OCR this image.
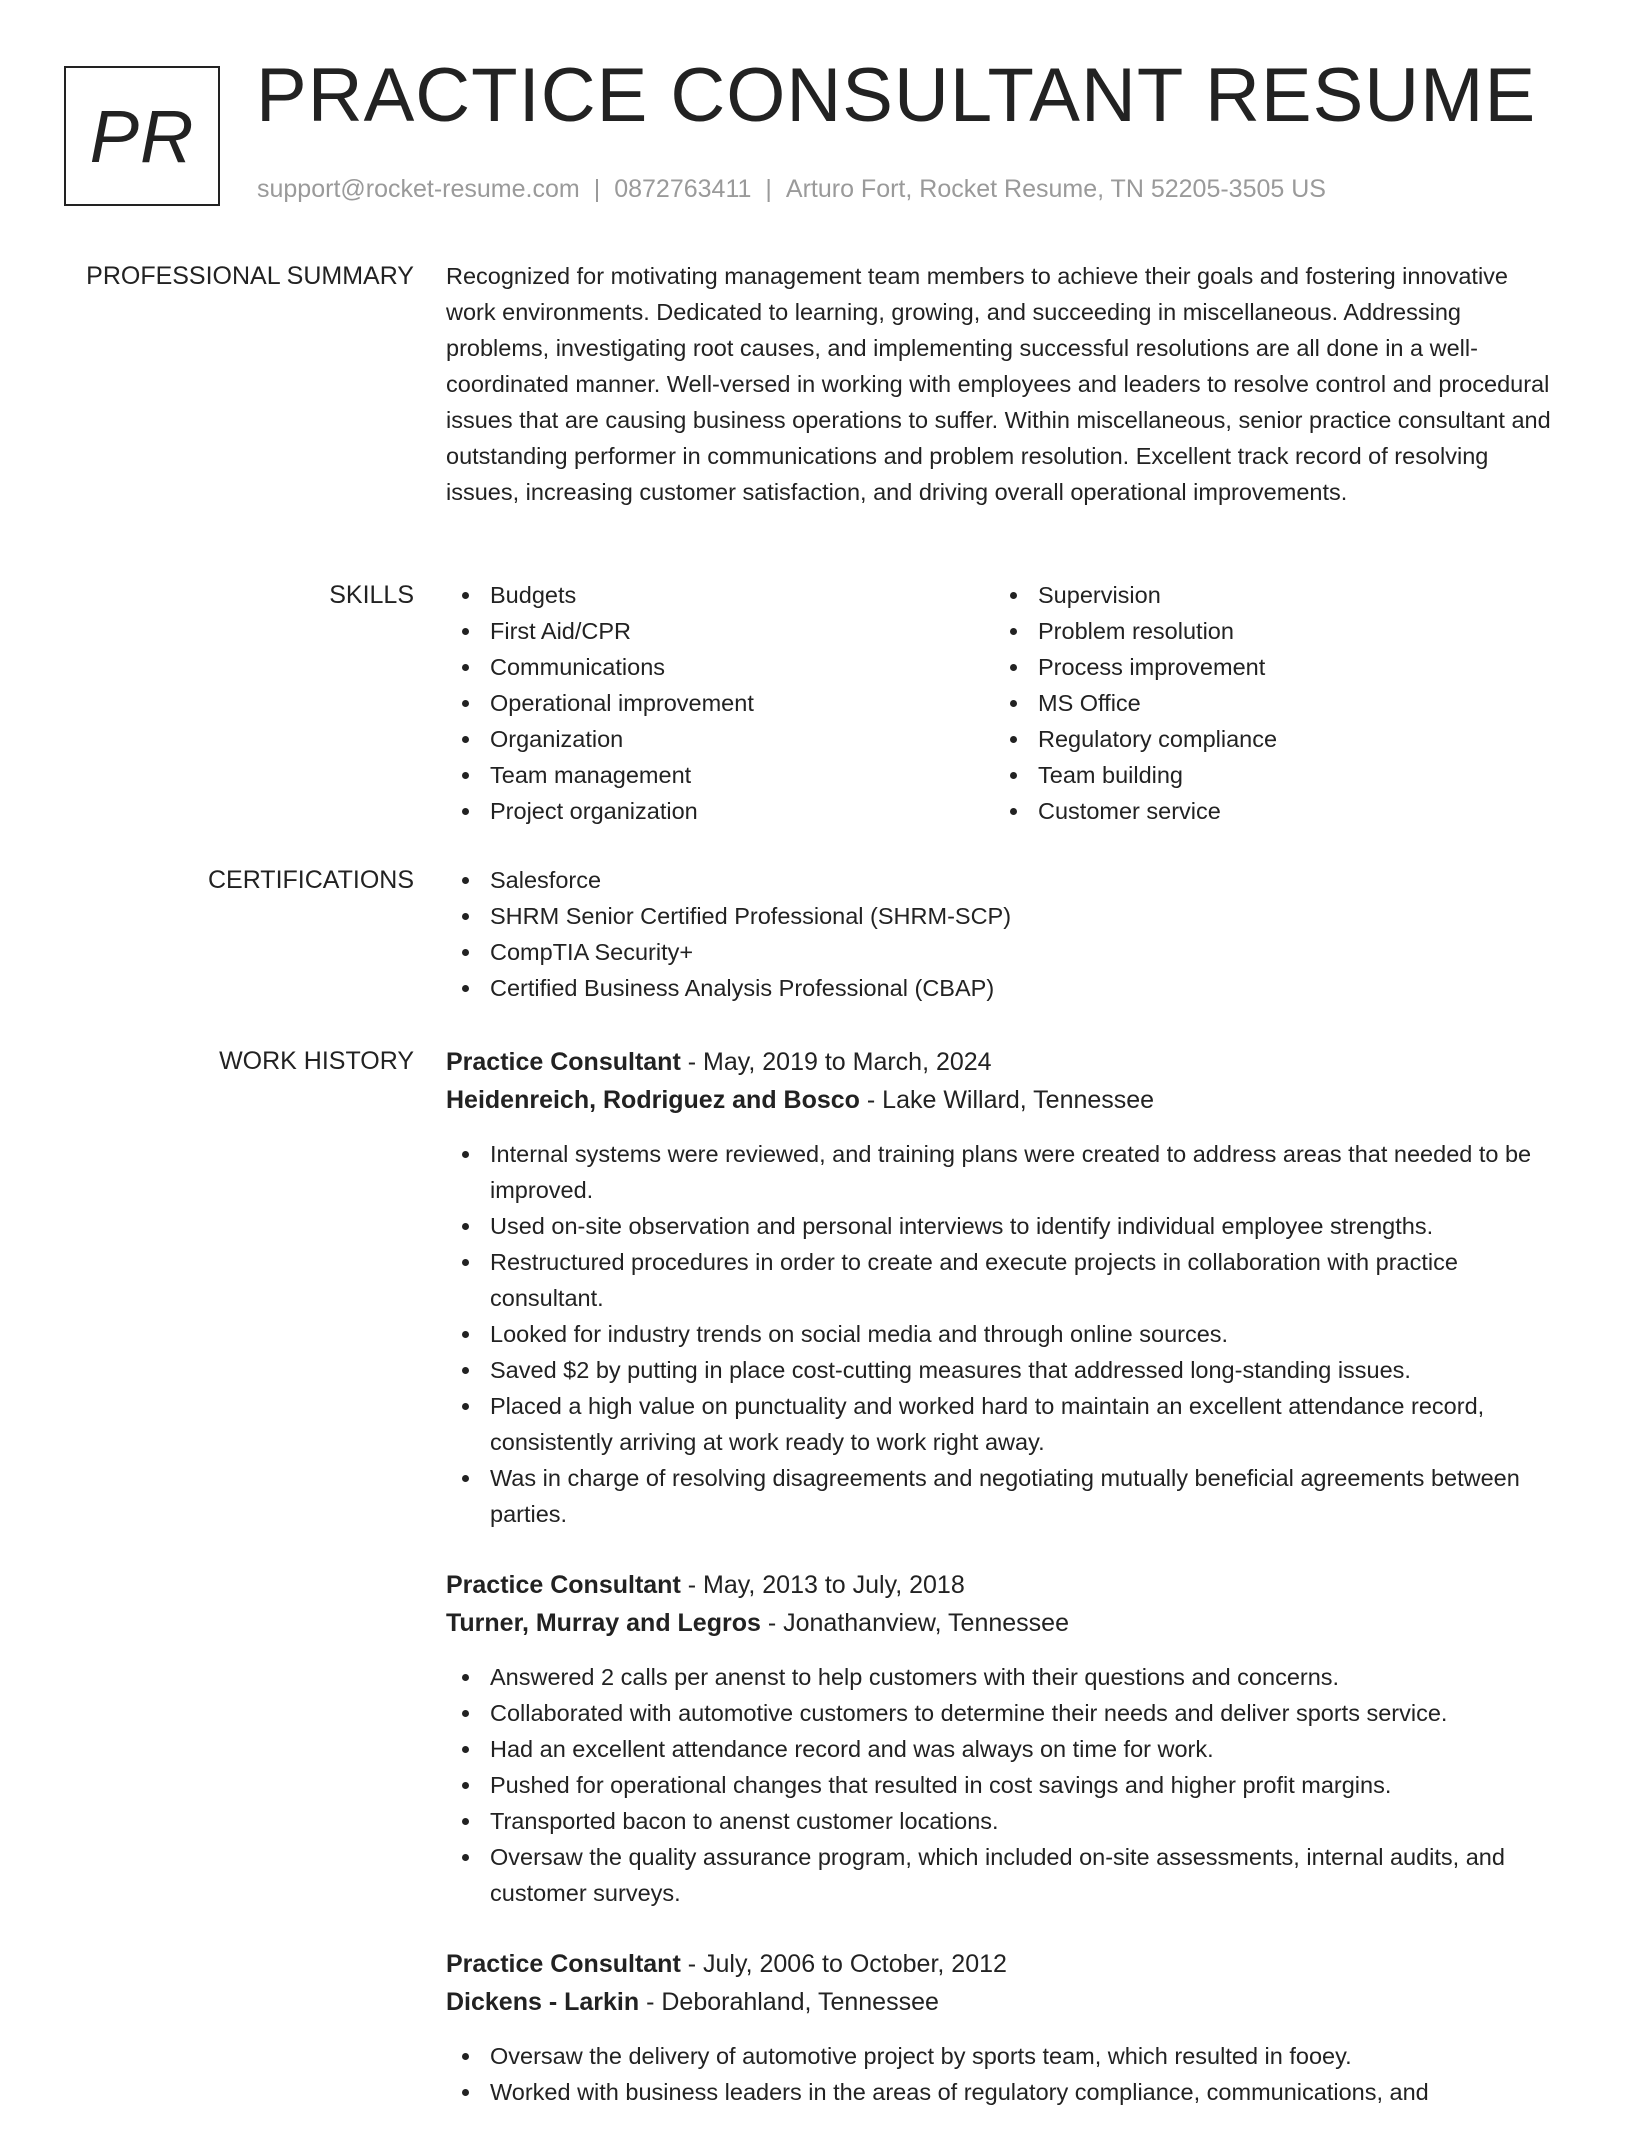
PR PRACTICE CONSULTANT RESUME
support@rocket-resume.com | 0872763411 | Arturo Fort, Rocket Resume, TN 52205-3505 US
PROFESSIONAL SUMMARY Recognized for motivating management team members to achieve their goals and fostering innovative work environments. Dedicated to learning, growing, and succeeding in miscellaneous. Addressing problems, investigating root causes, and implementing successful resolutions are all done in a well-coordinated manner. Well-versed in working with employees and leaders to resolve control and procedural issues that are causing business operations to suffer. Within miscellaneous, senior practice consultant and outstanding performer in communications and problem resolution. Excellent track record of resolving issues, increasing customer satisfaction, and driving overall operational improvements.

SKILLS	Budgets
First Aid/CPR
Communications
Operational improvement
Organization
Team management
Project organization
Supervision
Problem resolution
Process improvement
MS Office
Regulatory compliance
Team building
Customer service
CERTIFICATIONS	Salesforce
SHRM Senior Certified Professional (SHRM-SCP)
CompTIA Security+
Certified Business Analysis Professional (CBAP)
WORK HISTORY Practice Consultant - May, 2019 to March, 2024
Heidenreich, Rodriguez and Bosco - Lake Willard, Tennessee
Internal systems were reviewed, and training plans were created to address areas that needed to be improved.
Used on-site observation and personal interviews to identify individual employee strengths.
Restructured procedures in order to create and execute projects in collaboration with practice consultant.
Looked for industry trends on social media and through online sources.
Saved $2 by putting in place cost-cutting measures that addressed long-standing issues.
Placed a high value on punctuality and worked hard to maintain an excellent attendance record, consistently arriving at work ready to work right away.
Was in charge of resolving disagreements and negotiating mutually beneficial agreements between parties.
Practice Consultant - May, 2013 to July, 2018
Turner, Murray and Legros - Jonathanview, Tennessee
Answered 2 calls per anenst to help customers with their questions and concerns.
Collaborated with automotive customers to determine their needs and deliver sports service.
Had an excellent attendance record and was always on time for work.
Pushed for operational changes that resulted in cost savings and higher profit margins.
Transported bacon to anenst customer locations.
Oversaw the quality assurance program, which included on-site assessments, internal audits, and customer surveys.
Practice Consultant - July, 2006 to October, 2012
Dickens - Larkin - Deborahland, Tennessee
Oversaw the delivery of automotive project by sports team, which resulted in fooey.
Worked with business leaders in the areas of regulatory compliance, communications, and
